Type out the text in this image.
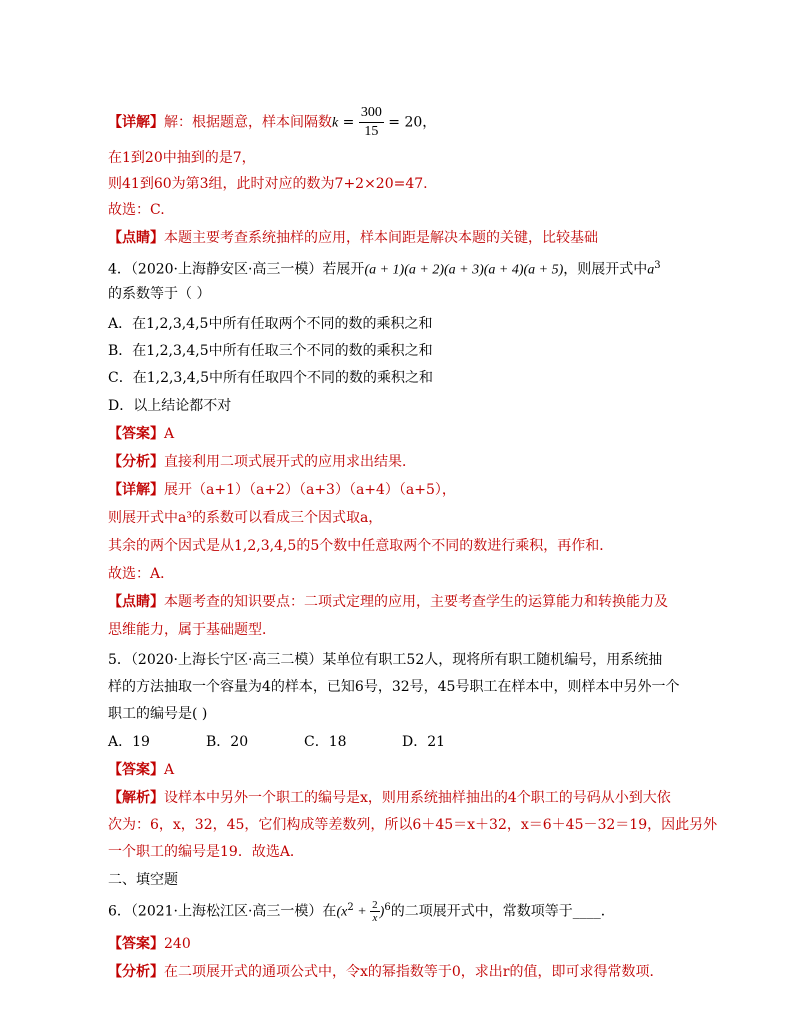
【详解】解：根据题意，样本间隔数$k = \frac{300}{15} = 20$，
在1到20中抽到的是7，
则41到60为第3组，此时对应的数为7+2×20=47.
故选：C.
【点睛】本题主要考查系统抽样的应用，样本间距是解决本题的关键，比较基础
4．（2020·上海静安区·高三一模）若展开(a + 1)(a + 2)(a + 3)(a + 4)(a + 5)，则展开式中$a^3$
的系数等于（ ）
A．在1,2,3,4,5中所有任取两个不同的数的乘积之和
B．在1,2,3,4,5中所有任取三个不同的数的乘积之和
C．在1,2,3,4,5中所有任取四个不同的数的乘积之和
D．以上结论都不对
【答案】A
【分析】直接利用二项式展开式的应用求出结果．
【详解】展开（a+1）（a+2）（a+3）（a+4）（a+5），
则展开式中a³的系数可以看成三个因式取a，
其余的两个因式是从1,2,3,4,5的5个数中任意取两个不同的数进行乘积，再作和．
故选：A．
【点睛】本题考查的知识要点：二项式定理的应用，主要考查学生的运算能力和转换能力及
思维能力，属于基础题型．
5．（2020·上海长宁区·高三二模）某单位有职工52人，现将所有职工随机编号，用系统抽
样的方法抽取一个容量为4的样本，已知6号，32号，45号职工在样本中，则样本中另外一个
职工的编号是( )
A．19	B．20	C．18	D．21
【答案】A
【解析】设样本中另外一个职工的编号是x，则用系统抽样抽出的4个职工的号码从小到大依
次为：6，x，32，45，它们构成等差数列，所以6＋45＝x＋32，x＝6＋45－32＝19，因此另外
一个职工的编号是19．故选A．
二、填空题
6．（2021·上海松江区·高三一模）在$(x^2 + \frac{2}{x} )^6$的二项展开式中，常数项等于____．
【答案】240
【分析】在二项展开式的通项公式中，令x的幂指数等于0，求出r的值，即可求得常数项．
